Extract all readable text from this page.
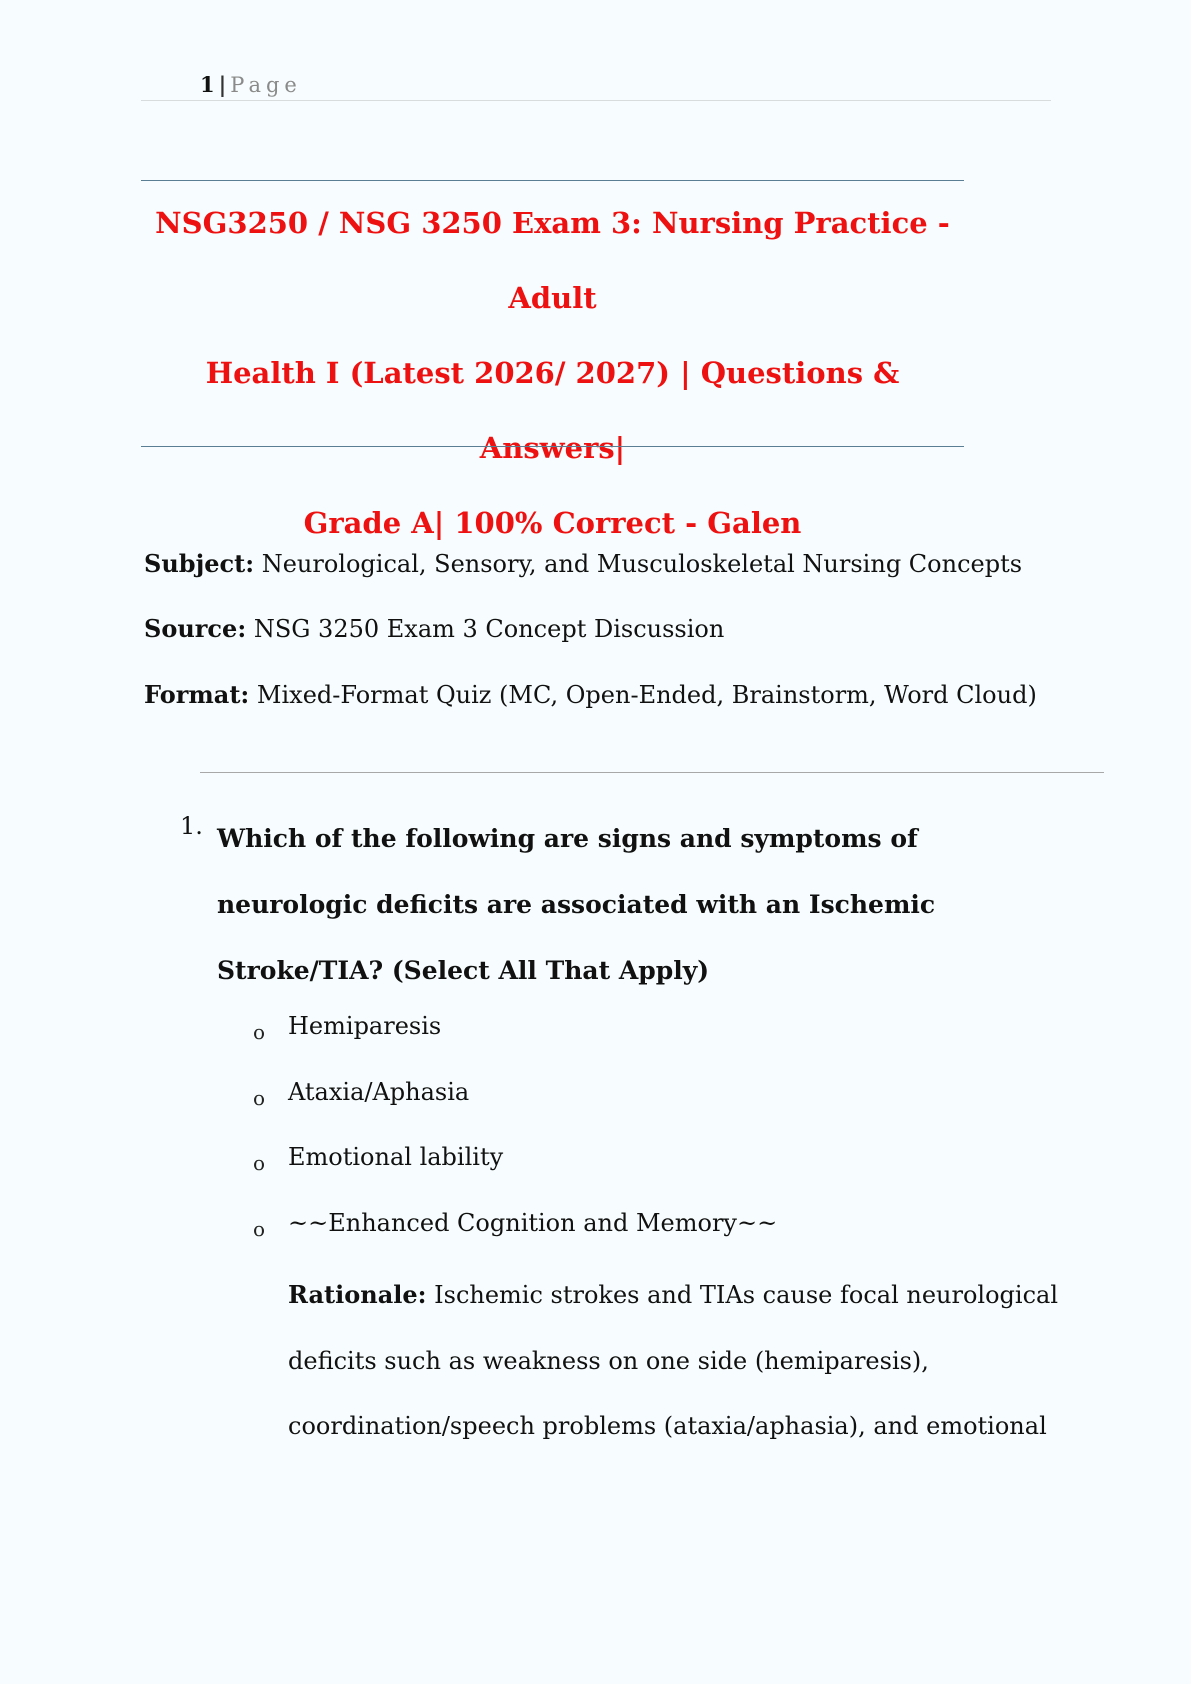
1 | Page
NSG3250 / NSG 3250 Exam 3: Nursing Practice - Adult
Health I (Latest 2026/ 2027) | Questions & Answers|
Grade A| 100% Correct - Galen
Subject: Neurological, Sensory, and Musculoskeletal Nursing Concepts
Source: NSG 3250 Exam 3 Concept Discussion
Format: Mixed-Format Quiz (MC, Open-Ended, Brainstorm, Word Cloud)
1. Which of the following are signs and symptoms of neurologic deficits are associated with an Ischemic Stroke/TIA? (Select All That Apply)
o Hemiparesis
o Ataxia/Aphasia
o Emotional lability
o ~~Enhanced Cognition and Memory~~
Rationale: Ischemic strokes and TIAs cause focal neurological deficits such as weakness on one side (hemiparesis), coordination/speech problems (ataxia/aphasia), and emotional
